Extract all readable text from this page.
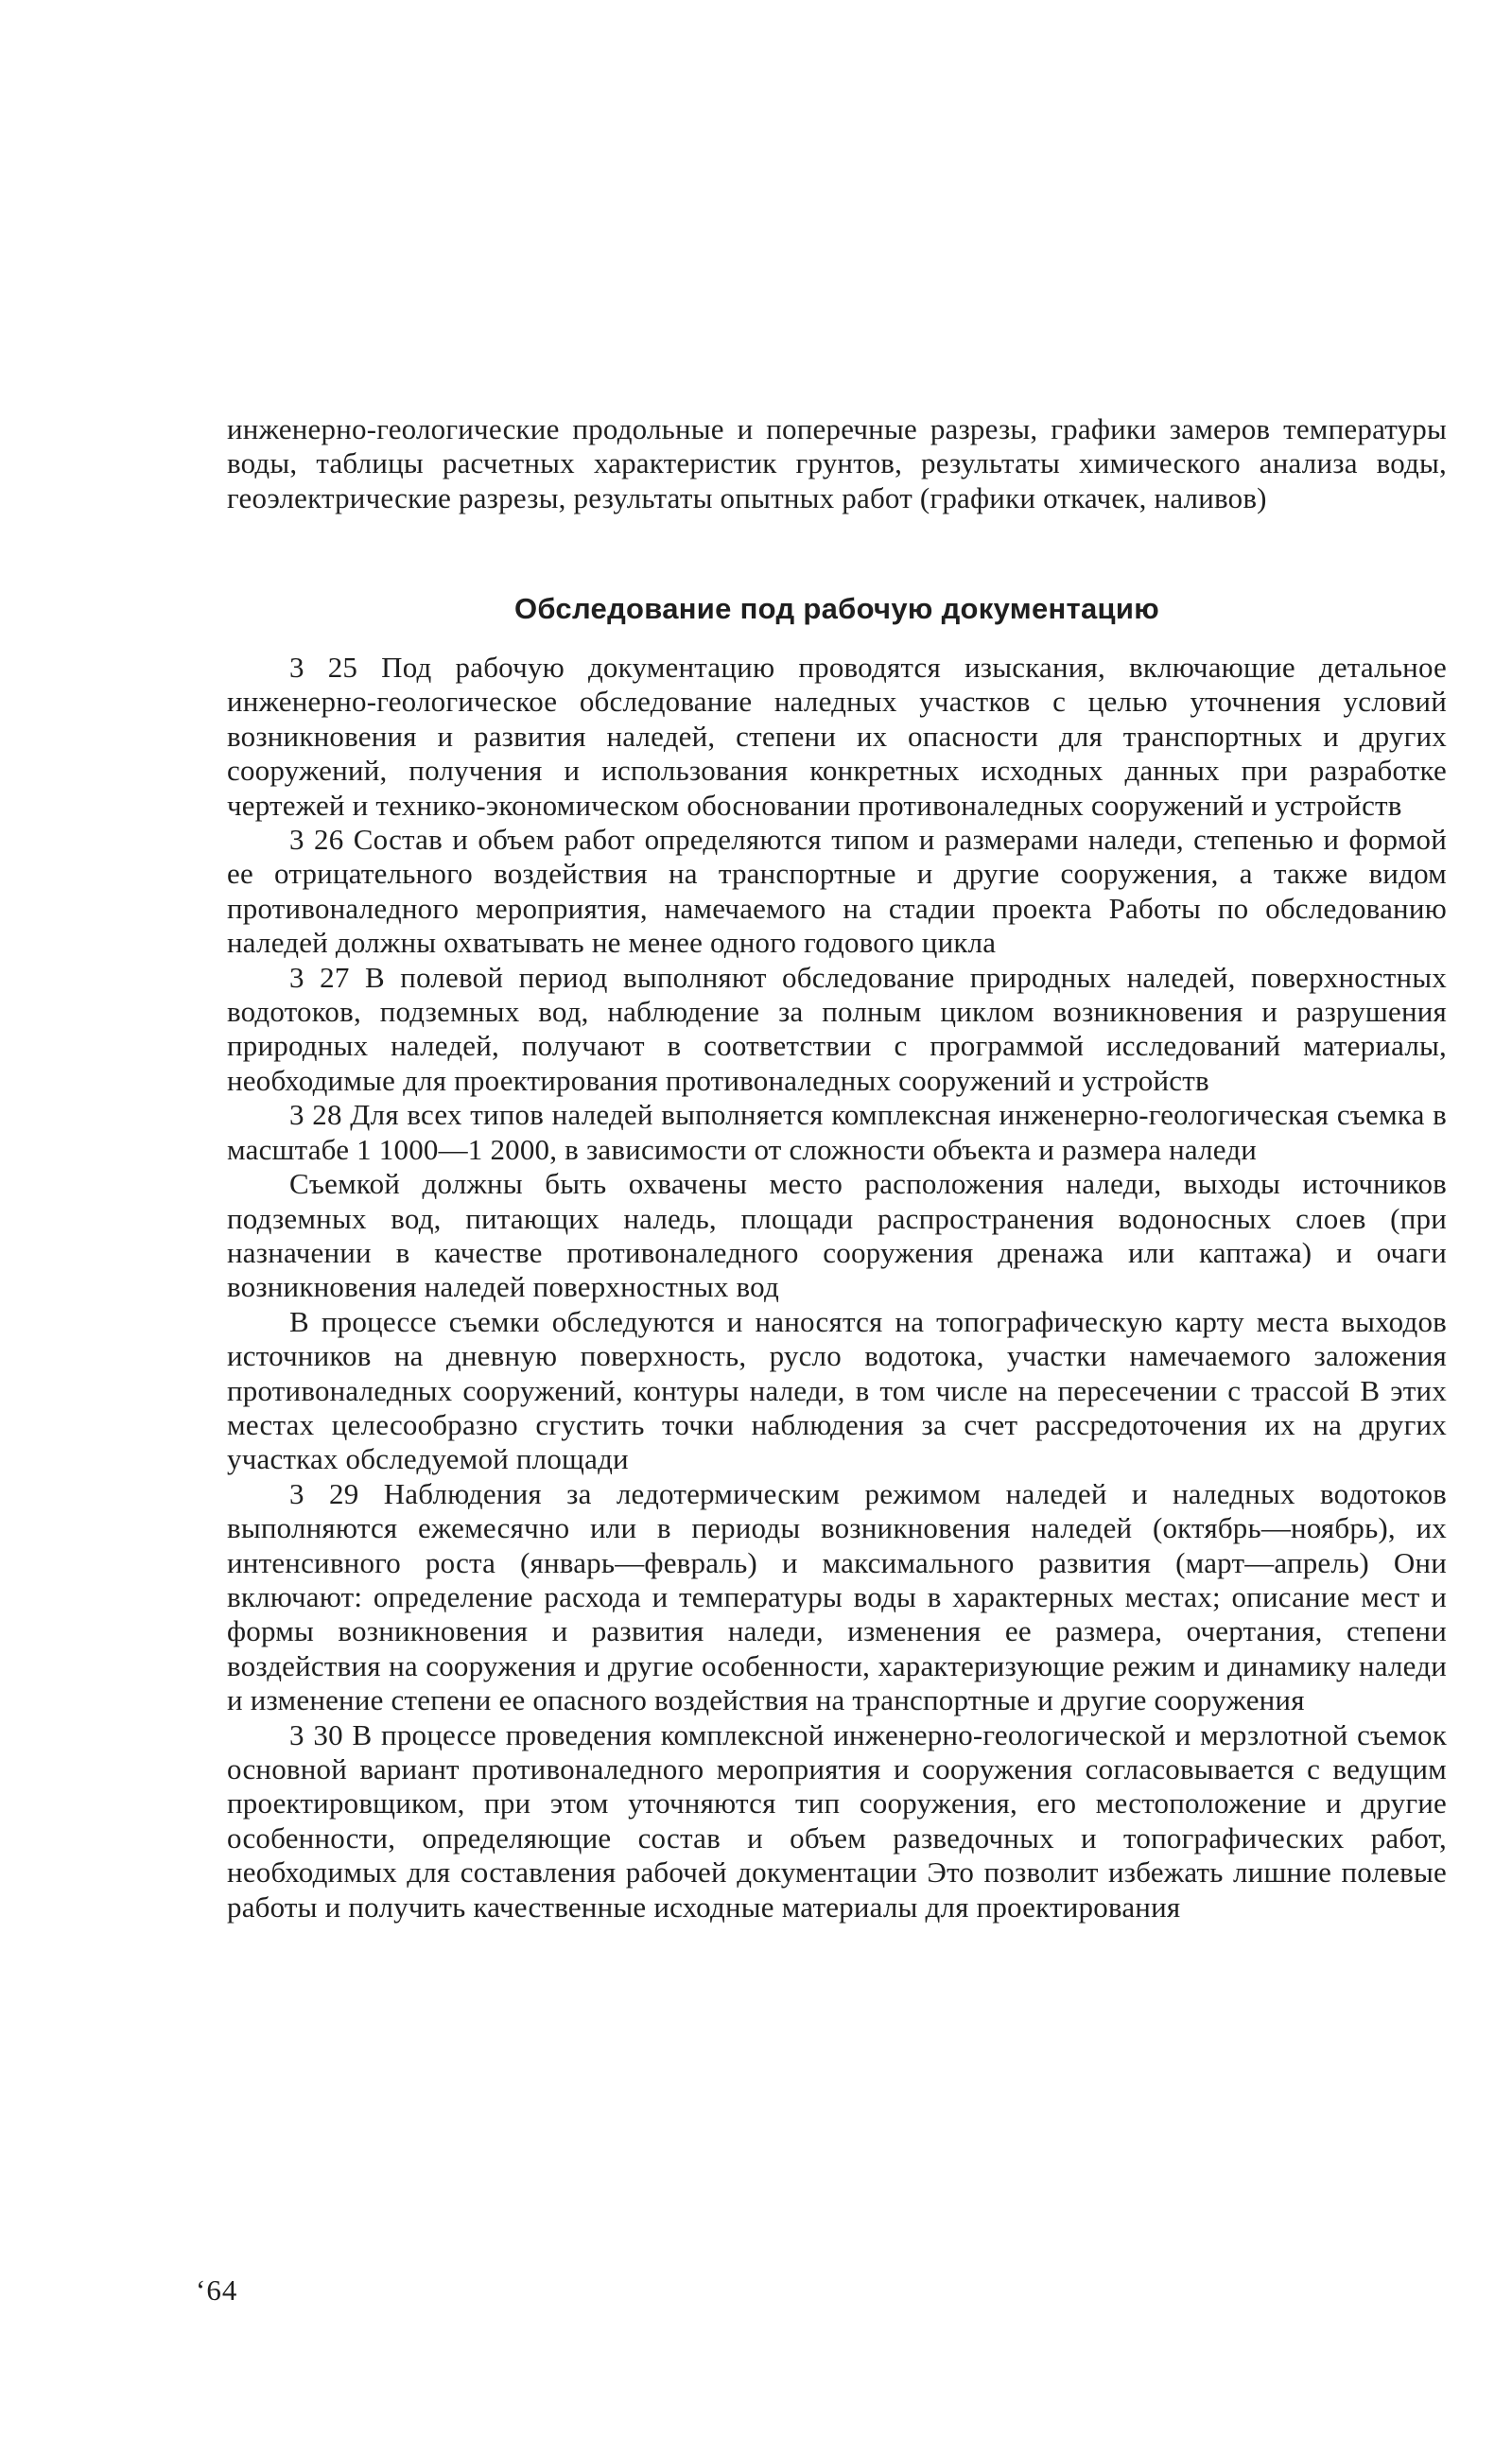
инженерно-геологические продольные и поперечные разрезы, графики замеров температуры воды, таблицы расчетных характеристик грунтов, результаты химического анализа воды, геоэлектрические разрезы, результаты опытных работ (графики откачек, наливов)

Обследование под рабочую документацию

3 25 Под рабочую документацию проводятся изыскания, включающие детальное инженерно-геологическое обследование наледных участков с целью уточнения условий возникновения и развития наледей, степени их опасности для транспортных и других сооружений, получения и использования конкретных исходных данных при разработке чертежей и технико-экономическом обосновании противоналедных сооружений и устройств

3 26 Состав и объем работ определяются типом и размерами наледи, степенью и формой ее отрицательного воздействия на транспортные и другие сооружения, а также видом противоналедного мероприятия, намечаемого на стадии проекта Работы по обследованию наледей должны охватывать не менее одного годового цикла

3 27 В полевой период выполняют обследование природных наледей, поверхностных водотоков, подземных вод, наблюдение за полным циклом возникновения и разрушения природных наледей, получают в соответствии с программой исследований материалы, необходимые для проектирования противоналедных сооружений и устройств

3 28 Для всех типов наледей выполняется комплексная инженерно-геологическая съемка в масштабе 1 1000—1 2000, в зависимости от сложности объекта и размера наледи

Съемкой должны быть охвачены место расположения наледи, выходы источников подземных вод, питающих наледь, площади распространения водоносных слоев (при назначении в качестве противоналедного сооружения дренажа или каптажа) и очаги возникновения наледей поверхностных вод

В процессе съемки обследуются и наносятся на топографическую карту места выходов источников на дневную поверхность, русло водотока, участки намечаемого заложения противоналедных сооружений, контуры наледи, в том числе на пересечении с трассой В этих местах целесообразно сгустить точки наблюдения за счет рассредоточения их на других участках обследуемой площади

3 29 Наблюдения за ледотермическим режимом наледей и наледных водотоков выполняются ежемесячно или в периоды возникновения наледей (октябрь—ноябрь), их интенсивного роста (январь—февраль) и максимального развития (март—апрель) Они включают: определение расхода и температуры воды в характерных местах; описание мест и формы возникновения и развития наледи, изменения ее размера, очертания, степени воздействия на сооружения и другие особенности, характеризующие режим и динамику наледи и изменение степени ее опасного воздействия на транспортные и другие сооружения

3 30 В процессе проведения комплексной инженерно-геологической и мерзлотной съемок основной вариант противоналедного мероприятия и сооружения согласовывается с ведущим проектировщиком, при этом уточняются тип сооружения, его местоположение и другие особенности, определяющие состав и объем разведочных и топографических работ, необходимых для составления рабочей документации Это позволит избежать лишние полевые работы и получить качественные исходные материалы для проектирования

‘64
